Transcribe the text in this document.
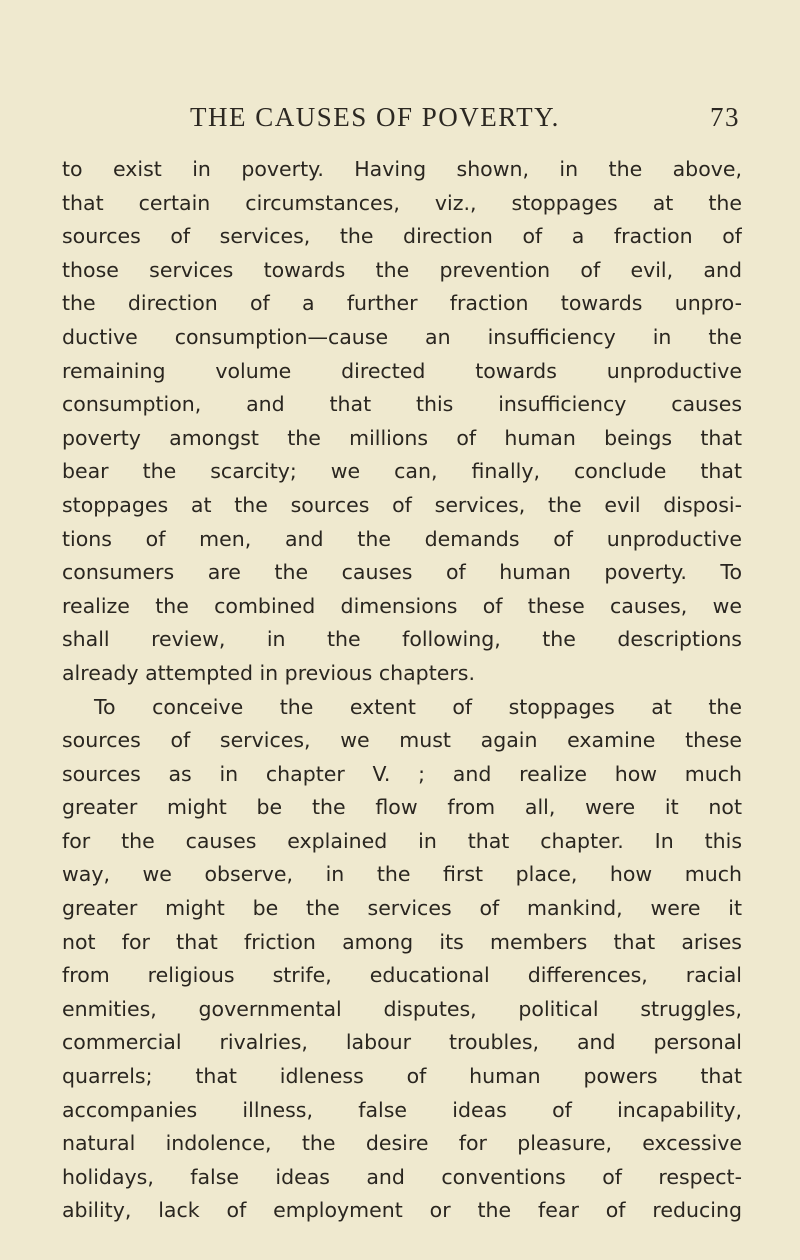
THE CAUSES OF POVERTY.	73
to exist in poverty. Having shown, in the above,
that certain circumstances, viz., stoppages at the
sources of services, the direction of a fraction of
those services towards the prevention of evil, and
the direction of a further fraction towards unpro-
ductive consumption—cause an insufficiency in the
remaining volume directed towards unproductive
consumption, and that this insufficiency causes
poverty amongst the millions of human beings that
bear the scarcity; we can, finally, conclude that
stoppages at the sources of services, the evil disposi-
tions of men, and the demands of unproductive
consumers are the causes of human poverty. To
realize the combined dimensions of these causes, we
shall review, in the following, the descriptions
already attempted in previous chapters.
To conceive the extent of stoppages at the
sources of services, we must again examine these
sources as in chapter V. ; and realize how much
greater might be the flow from all, were it not
for the causes explained in that chapter. In this
way, we observe, in the first place, how much
greater might be the services of mankind, were it
not for that friction among its members that arises
from religious strife, educational differences, racial
enmities, governmental disputes, political struggles,
commercial rivalries, labour troubles, and personal
quarrels; that idleness of human powers that
accompanies illness, false ideas of incapability,
natural indolence, the desire for pleasure, excessive
holidays, false ideas and conventions of respect-
ability, lack of employment or the fear of reducing
